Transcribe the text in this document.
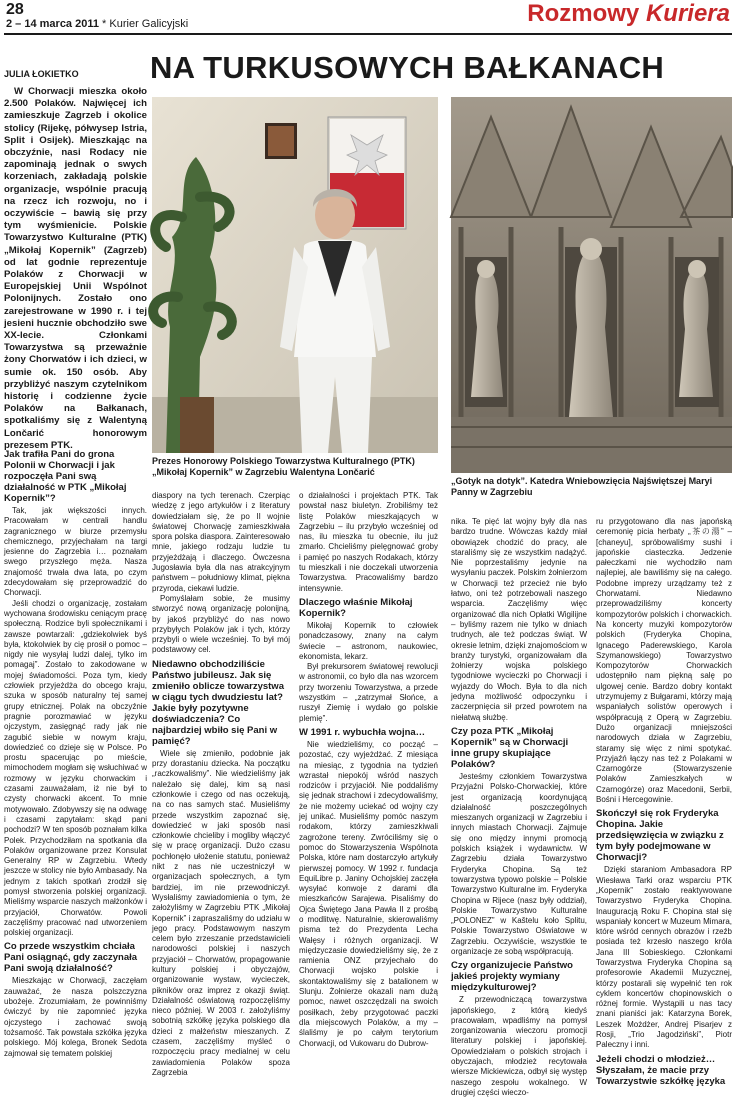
28
2 – 14 marca 2011 * Kurier Galicyjski	Rozmowy Kuriera
JULIA ŁOKIETKO NA TURKUSOWYCH BAŁKANACH

W Chorwacji mieszka około 2.500 Polaków. Najwięcej ich zamieszkuje Zagrzeb i okolice stolicy (Rijekę, półwysep Istria, Split i Osijek). Mieszkając na obczyźnie, nasi Rodacy nie zapominają jednak o swych korzeniach, zakładają polskie organizacje, wspólnie pracują na rzecz ich rozwoju, no i oczywiście – bawią się przy tym wyśmienicie. Polskie Towarzystwo Kulturalne (PTK) „Mikołaj Kopernik” (Zagrzeb) od lat godnie reprezentuje Polaków z Chorwacji w Europejskiej Unii Wspólnot Polonijnych. Zostało ono zarejestrowane w 1990 r. i tej jesieni hucznie obchodziło swe XX-lecie. Członkami Towarzystwa są przeważnie żony Chorwatów i ich dzieci, w sumie ok. 150 osób. Aby przybliżyć naszym czytelnikom historię i codzienne życie Polaków na Bałkanach, spotkaliśmy się z Walentyną Lončarić honorowym prezesem PTK.

Prezes Honorowy Polskiego Towarzystwa Kulturalnego (PTK) „Mikołaj Kopernik” w Zagrzebiu Walentyna Lončarić

„Gotyk na dotyk”. Katedra Wniebowzięcia Najświętszej Maryi Panny w Zagrzebiu

Jak trafiła Pani do grona Polonii w Chorwacji i jak rozpoczęła Pani swą działalność w PTK „Mikołaj Kopernik”?

Tak, jak większości innych. Pracowałam w centrali handlu zagranicznego w biurze przemysłu chemicznego, przyjechałam na targi jesienne do Zagrzebia i… poznałam swego przyszłego męża. Nasza znajomość trwała dwa lata, po czym zdecydowałam się przeprowadzić do Chorwacji.

Jeśli chodzi o organizację, zostałam wychowana środowisku ceniącym pracę społeczną. Rodzice byli społecznikami i zawsze powtarzali: „gdziekolwiek byś była, ktokolwiek by cię prosił o pomoc – nigdy nie wysyłaj ludzi dalej, tylko im pomagaj”. Zostało to zakodowane w mojej świadomości. Poza tym, kiedy człowiek przyjeżdża do obcego kraju, szuka w sposób naturalny tej samej grupy etnicznej. Polak na obczyźnie pragnie porozmawiać w języku ojczystym, zasięgnąć rady jak nie zagubić siebie w nowym kraju, dowiedzieć co dzieje się w Polsce. Po prostu spacerując po mieście, mimochodem mogłam się wsłuchiwać w rozmowy w języku chorwackim i czasami zauważałam, iż nie był to czysty chorwacki akcent. To mnie motywowało. Zdobywszy się na odwagę i czasami zapytałam: skąd pani pochodzi? W ten sposób poznałam kilka Polek. Przychodziłam na spotkania dla Polaków organizowane przez Konsulat Generalny RP w Zagrzebiu. Wtedy jeszcze w stolicy nie było Ambasady. Na jednym z takich spotkań zrodził się pomysł stworzenia polskiej organizacji. Mieliśmy wsparcie naszych małżonków i przyjaciół, Chorwatów. Powoli zaczęliśmy pracować nad utworzeniem polskiej organizacji.

Co przede wszystkim chciała Pani osiągnąć, gdy zaczynała Pani swoją działalność?

Mieszkając w Chorwacji, zaczęłam zauważać, że nasza polszczyzna ubożeje. Zrozumiałam, że powinniśmy ćwiczyć by nie zapomnieć języka ojczystego i zachować swoją tożsamość. Tak powstała szkółka języka polskiego. Mój kolega, Bronek Sedota zajmował się tematem polskiej

diaspory na tych terenach. Czerpiąc wiedzę z jego artykułów i z literatury dowiedziałam się, że po II wojnie światowej Chorwację zamieszkiwała spora polska diaspora. Zainteresowało mnie, jakiego rodzaju ludzie tu przyjeżdżają i dlaczego. Ówczesna Jugosławia była dla nas atrakcyjnym państwem – południowy klimat, piękna przyroda, ciekawi ludzie.

Pomyślałam sobie, że musimy stworzyć nową organizację polonijną, by jakoś przybliżyć do nas nowo przybyłych Polaków jak i tych, którzy przybyli o wiele wcześniej. To był mój podstawowy cel.

Niedawno obchodziliście Państwo jubileusz. Jak się zmieniło oblicze towarzystwa w ciągu tych dwudziestu lat? Jakie były pozytywne doświadczenia? Co najbardziej wbiło się Pani w pamięć?

Wiele się zmieniło, podobnie jak przy dorastaniu dziecka. Na początku „raczkowaliśmy”. Nie wiedzieliśmy jak należało się dalej, kim są nasi członkowie i czego od nas oczekują, na co nas samych stać. Musieliśmy przede wszystkim zapoznać się, dowiedzieć w jaki sposób nasi członkowie chcieliby i mogliby włączyć się w pracę organizacji. Dużo czasu pochłonęło ułożenie statutu, ponieważ nikt z nas nie uczestniczył w organizacjach społecznych, a tym bardziej, im nie przewodniczył. Wysłaliśmy zawiadomienia o tym, że założyliśmy w Zagrzebiu PTK „Mikołaj Kopernik” i zapraszaliśmy do udziału w jego pracy. Podstawowym naszym celem było zrzeszanie przedstawicieli narodowości polskiej i naszych przyjaciół – Chorwatów, propagowanie kultury polskiej i obyczajów, organizowanie wystaw, wycieczek, pikników oraz imprez z okazji świąt. Działalność oświatową rozpoczęliśmy nieco później. W 2003 r. założyliśmy sobotnią szkółkę języka polskiego dla dzieci z małżeństw mieszanych. Z czasem, zaczęliśmy myśleć o rozpoczęciu pracy medialnej w celu zawiadomienia Polaków spoza Zagrzebia

o działalności i projektach PTK. Tak powstał nasz biuletyn. Zrobiliśmy też listę Polaków mieszkających w Zagrzebiu – ilu przybyło wcześniej od nas, ilu mieszka tu obecnie, ilu już zmarło. Chcieliśmy pielęgnować groby i pamięć po naszych Rodakach, którzy tu mieszkali i nie doczekali utworzenia Towarzystwa. Pracowaliśmy bardzo intensywnie.

Dlaczego właśnie Mikołaj Kopernik?

Mikołaj Kopernik to człowiek ponadczasowy, znany na całym świecie – astronom, naukowiec, ekonomista, lekarz.

Był prekursorem światowej rewolucji w astronomii, co było dla nas wzorcem przy tworzeniu Towarzystwa, a przede wszystkim – „zatrzymał Słońce, a ruszył Ziemię i wydało go polskie plemię”.

W 1991 r. wybuchła wojna…

Nie wiedzieliśmy, co począć – pozostać, czy wyjeżdżać. Z miesiąca na miesiąc, z tygodnia na tydzień wzrastał niepokój wśród naszych rodziców i przyjaciół. Nie poddaliśmy się jednak strachowi i zdecydowaliśmy, że nie możemy uciekać od wojny czy jej unikać. Musieliśmy pomóc naszym rodakom, którzy zamieszkiwali zagrożone tereny. Zwróciliśmy się o pomoc do Stowarzyszenia Wspólnota Polska, które nam dostarczyło artykuły pierwszej pomocy. W 1992 r. fundacja EquiLibre p. Janiny Ochojskiej zaczęła wysyłać konwoje z darami dla mieszkańców Sarajewa. Pisaliśmy do Ojca Świętego Jana Pawła II z prośbą o modlitwę. Naturalnie, skierowaliśmy pisma też do Prezydenta Lecha Wałęsy i różnych organizacji. W międzyczasie dowiedzieliśmy się, że z ramienia ONZ przyjechało do Chorwacji wojsko polskie i skontaktowaliśmy się z batalionem w Slunju. Żołnierze okazali nam dużą pomoc, nawet oszczędzali na swoich posiłkach, żeby przygotować paczki dla miejscowych Polaków, a my – ślaliśmy je po całym terytorium Chorwacji, od Vukowaru do Dubrow-

nika. Te pięć lat wojny były dla nas bardzo trudne. Wówczas każdy miał obowiązek chodzić do pracy, ale staraliśmy się ze wszystkim nadążyć. Nie poprzestaliśmy jedynie na wysyłaniu paczek. Polskim żołnierzom w Chorwacji też przecież nie było łatwo, oni też potrzebowali naszego wsparcia. Zaczęliśmy więc organizować dla nich Opłatki Wigilijne – byliśmy razem nie tylko w dniach trudnych, ale też podczas świąt. W okresie letnim, dzięki znajomościom w branży turystyki, organizowałam dla żołnierzy wojska polskiego tygodniowe wycieczki po Chorwacji i wyjazdy do Włoch. Była to dla nich jedyna możliwość odpoczynku i zaczerpnięcia sił przed powrotem na niełatwą służbę.

Czy poza PTK „Mikołaj Kopernik” są w Chorwacji inne grupy skupiające Polaków?

Jesteśmy członkiem Towarzystwa Przyjaźni Polsko-Chorwackiej, które jest organizacją koordynującą działalność poszczególnych mieszanych organizacji w Zagrzebiu i innych miastach Chorwacji. Zajmuje się ono między innymi promocją polskich książek i wydawnictw. W Zagrzebiu działa Towarzystwo Fryderyka Chopina. Są też towarzystwa typowo polskie – Polskie Towarzystwo Kulturalne im. Fryderyka Chopina w Rijece (nasz były oddział), Polskie Towarzystwo Kulturalne „POLONEZ” w Kaštelu koło Splitu, Polskie Towarzystwo Oświatowe w Zagrzebiu. Oczywiście, wszystkie te organizacje ze sobą współpracują.

Czy organizujecie Państwo jakieś projekty wymiany międzykulturowej?

Z przewodniczącą towarzystwa japońskiego, z którą kiedyś pracowałam, wpadliśmy na pomysł zorganizowania wieczoru promocji literatury polskiej i japońskiej. Opowiedziałam o polskich strojach i obyczajach, młodzież recytowała wiersze Mickiewicza, odbył się występ naszego zespołu wokalnego. W drugiej części wieczo-

ru przygotowano dla nas japońską ceremonię picia herbaty „茶の湯” – [chaneyu], spróbowaliśmy sushi i japońskie ciasteczka. Jedzenie pałeczkami nie wychodziło nam najlepiej, ale bawiliśmy się na całego. Podobne imprezy urządzamy też z Chorwatami. Niedawno przeprowadziliśmy koncerty kompozytorów polskich i chorwackich. Na koncerty muzyki kompozytorów polskich (Fryderyka Chopina, Ignacego Paderewskiego, Karola Szymanowskiego) Towarzystwo Kompozytorów Chorwackich udostępniło nam piękną salę po ulgowej cenie. Bardzo dobry kontakt utrzymujemy z Bułgarami, którzy mają wspaniałych solistów operowych i współpracują z Operą w Zagrzebiu. Dużo organizacji mniejszości narodowych działa w Zagrzebiu, staramy się więc z nimi spotykać. Przyjaźń łączy nas też z Polakami w Czarnogórze (Stowarzyszenie Polaków Zamieszkałych w Czarnogórze) oraz Macedonii, Serbii, Bośni i Hercegowinie.

Skończył się rok Fryderyka Chopina. Jakie przedsięwzięcia w związku z tym były podejmowane w Chorwacji?

Dzięki staraniom Ambasadora RP Wiesława Tarki oraz wsparciu PTK „Kopernik” zostało reaktywowane Towarzystwo Fryderyka Chopina. Inauguracją Roku F. Chopina stał się wspaniały koncert w Muzeum Mimara, które wśród cennych obrazów i rzeźb posiada też krzesło naszego króla Jana III Sobieskiego. Członkami Towarzystwa Fryderyka Chopina są profesorowie Akademii Muzycznej, którzy postarali się wypełnić ten rok cyklem koncertów chopinowskich o różnej formie. Wystąpili u nas tacy znani pianiści jak: Katarzyna Borek, Leszek Możdżer, Andrej Pisarjev z Rosji, „Trio Jagodziński”, Piotr Paleczny i inni.

Jeżeli chodzi o młodzież… Słyszałam, że macie przy Towarzystwie szkółkę języka
